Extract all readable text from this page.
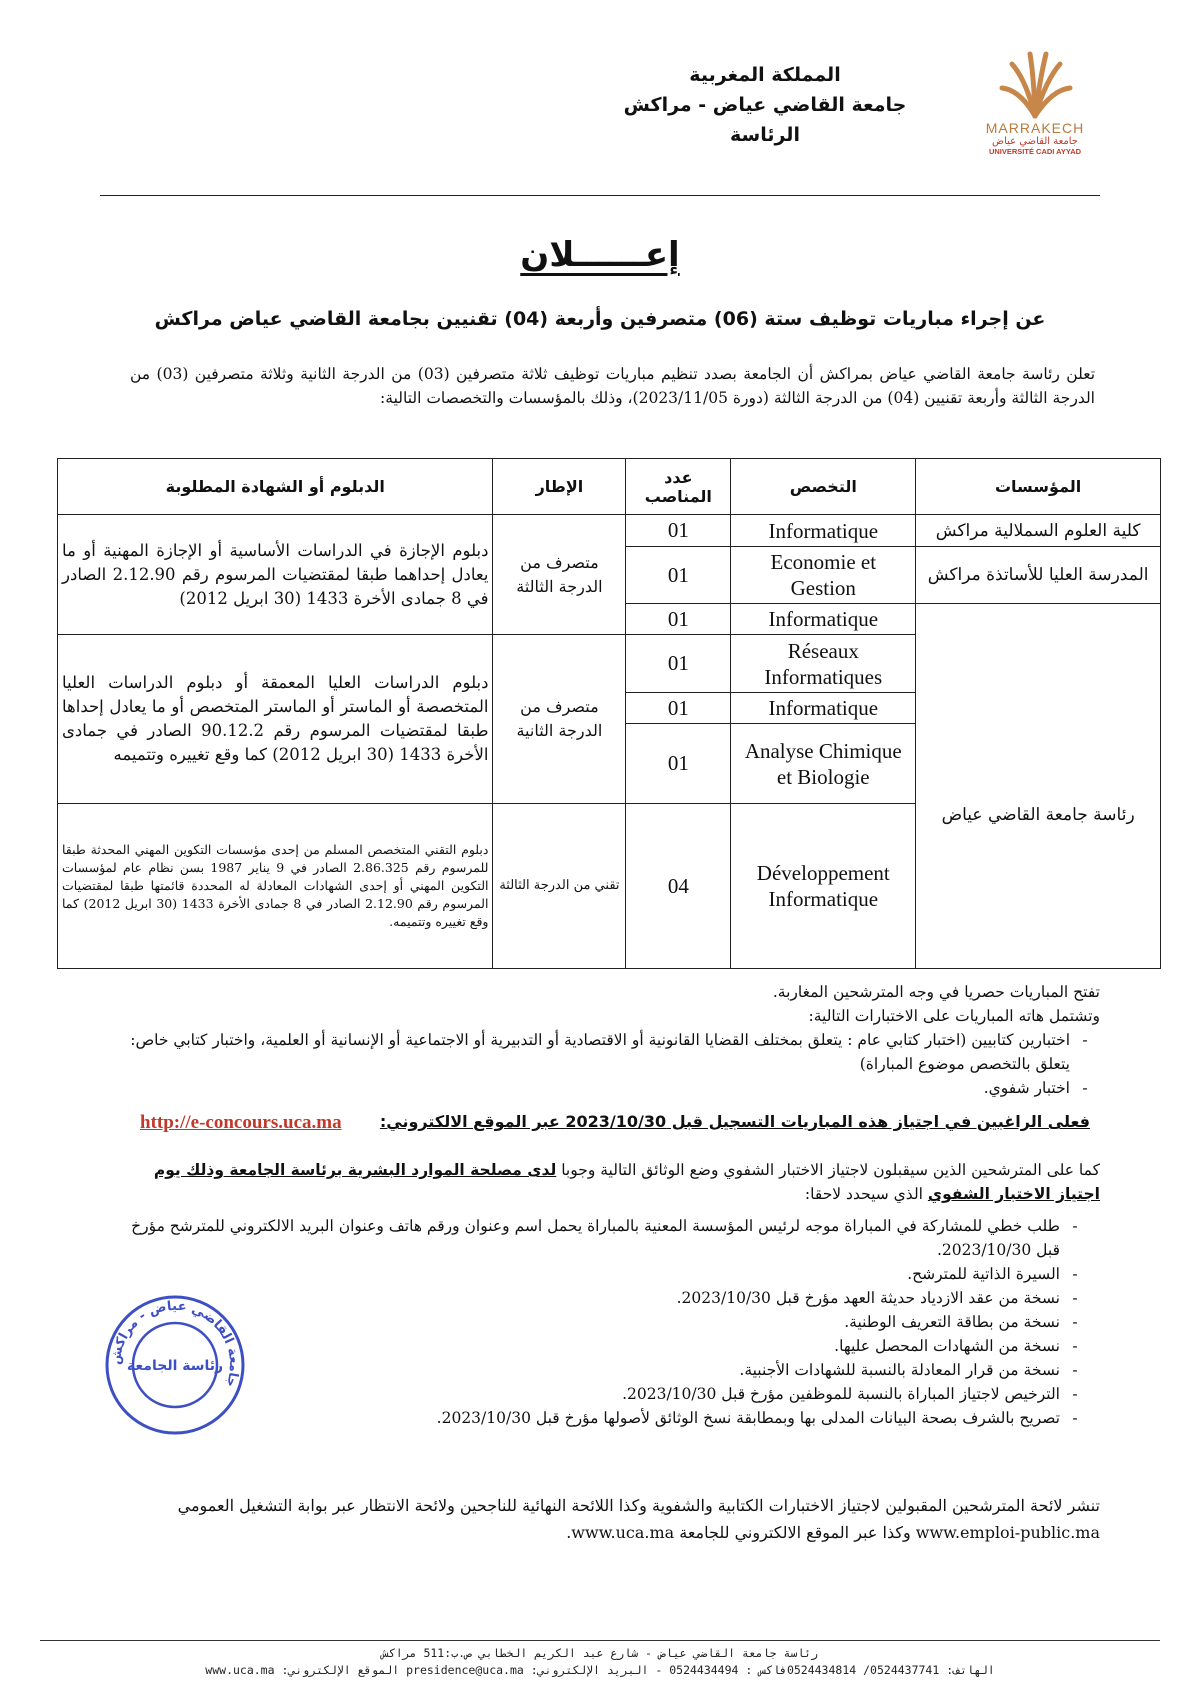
MARRAKECH
جامعة القاضي عياض
UNIVERSITÉ CADI AYYAD
المملكة المغربية
جامعة القاضي عياض - مراكش
الرئاسة
إعــــــلان
عن إجراء مباريات توظيف ستة (06) متصرفين وأربعة (04) تقنيين بجامعة القاضي عياض مراكش
تعلن رئاسة جامعة القاضي عياض بمراكش أن الجامعة بصدد تنظيم مباريات توظيف ثلاثة متصرفين (03) من الدرجة الثانية وثلاثة متصرفين (03) من الدرجة الثالثة وأربعة تقنيين (04) من الدرجة الثالثة (دورة 2023/11/05)، وذلك بالمؤسسات والتخصصات التالية:
المؤسسات	التخصص	عدد المناصب	الإطار	الدبلوم أو الشهادة المطلوبة
كلية العلوم السملالية مراكش	Informatique	01	متصرف من الدرجة الثالثة	دبلوم الإجازة في الدراسات الأساسية أو الإجازة المهنية أو ما يعادل إحداهما طبقا لمقتضيات المرسوم رقم 2.12.90 الصادر في 8 جمادى الأخرة 1433 (30 ابريل 2012)
المدرسة العليا للأساتذة مراكش	Economie et Gestion	01		
رئاسة جامعة القاضي عياض	Informatique	01		
	Réseaux Informatiques	01	متصرف من الدرجة الثانية	دبلوم الدراسات العليا المعمقة أو دبلوم الدراسات العليا المتخصصة أو الماستر أو الماستر المتخصص أو ما يعادل إحداها طبقا لمقتضيات المرسوم رقم 90.12.2 الصادر في جمادى الأخرة 1433 (30 ابريل 2012) كما وقع تغييره وتتميمه
	Informatique	01		
	Analyse Chimique et Biologie	01		
	Développement Informatique	04	تقني من الدرجة الثالثة	دبلوم التقني المتخصص المسلم من إحدى مؤسسات التكوين المهني المحدثة طبقا للمرسوم رقم 2.86.325 الصادر في 9 يناير 1987 بسن نظام عام لمؤسسات التكوين المهني أو إحدى الشهادات المعادلة له المحددة قائمتها طبقا لمقتضيات المرسوم رقم 2.12.90 الصادر في 8 جمادى الأخرة 1433 (30 ابريل 2012) كما وقع تغييره وتتميمه.
تفتح المباريات حصريا في وجه المترشحين المغاربة.
وتشتمل هاته المباريات على الاختبارات التالية:
-
اختبارين كتابيين (اختبار كتابي عام : يتعلق بمختلف القضايا القانونية أو الاقتصادية أو التدبيرية أو الاجتماعية أو الإنسانية أو العلمية، واختبار كتابي خاص: يتعلق بالتخصص موضوع المباراة)
-
اختبار شفوي.
فعلى الراغبين في اجتياز هذه المباريات التسجيل قبل 2023/10/30 عبر الموقع الالكتروني:
http://e-concours.uca.ma
كما على المترشحين الذين سيقبلون لاجتياز الاختبار الشفوي وضع الوثائق التالية وجوبا لدى مصلحة الموارد البشرية برئاسة الجامعة وذلك يوم اجتياز الاختبار الشفوي الذي سيحدد لاحقا:
-
طلب خطي للمشاركة في المباراة موجه لرئيس المؤسسة المعنية بالمباراة يحمل اسم وعنوان ورقم هاتف وعنوان البريد الالكتروني للمترشح مؤرخ قبل 2023/10/30.
-
السيرة الذاتية للمترشح.
-
نسخة من عقد الازدياد حديثة العهد مؤرخ قبل 2023/10/30.
-
نسخة من بطاقة التعريف الوطنية.
-
نسخة من الشهادات المحصل عليها.
-
نسخة من قرار المعادلة بالنسبة للشهادات الأجنبية.
-
الترخيص لاجتياز المباراة بالنسبة للموظفين مؤرخ قبل 2023/10/30.
-
تصريح بالشرف بصحة البيانات المدلى بها وبمطابقة نسخ الوثائق لأصولها مؤرخ قبل 2023/10/30.
جامعة القاضي عياض - مراكش
رئاسة الجامعة
تنشر لائحة المترشحين المقبولين لاجتياز الاختبارات الكتابية والشفوية وكذا اللائحة النهائية للناجحين ولائحة الانتظار عبر بوابة التشغيل العمومي www.emploi-public.ma وكذا عبر الموقع الالكتروني للجامعة www.uca.ma.
رئاسة جامعة القاضي عياض - شارع عبد الكريم الخطابي ص.ب:511 مراكش
الهاتف: 0524437741/ 0524434814فاكس : 0524434494 - البريد الإلكتروني: presidence@uca.ma الموقع الإلكتروني: www.uca.ma
